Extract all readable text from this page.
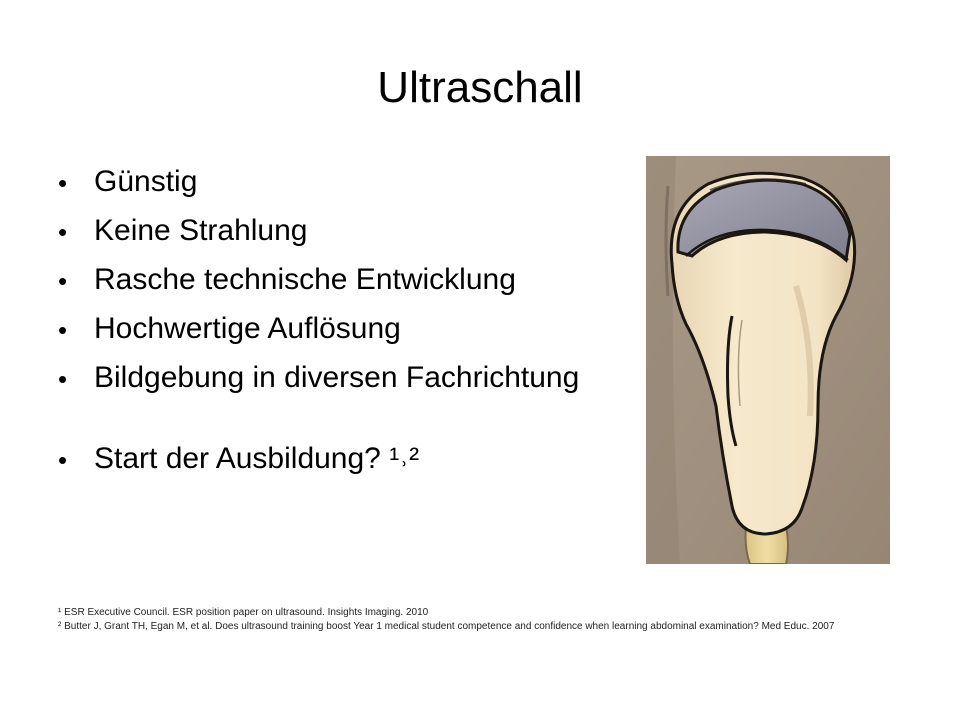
Ultraschall
• Günstig
• Keine Strahlung
• Rasche technische Entwicklung
• Hochwertige Auflösung
• Bildgebung in diversen Fachrichtung
• Start der Ausbildung? ¹˒²

¹ ESR Executive Council. ESR position paper on ultrasound. Insights Imaging. 2010

² Butter J, Grant TH, Egan M, et al. Does ultrasound training boost Year 1 medical student competence and confidence when learning abdominal examination? Med Educ. 2007
